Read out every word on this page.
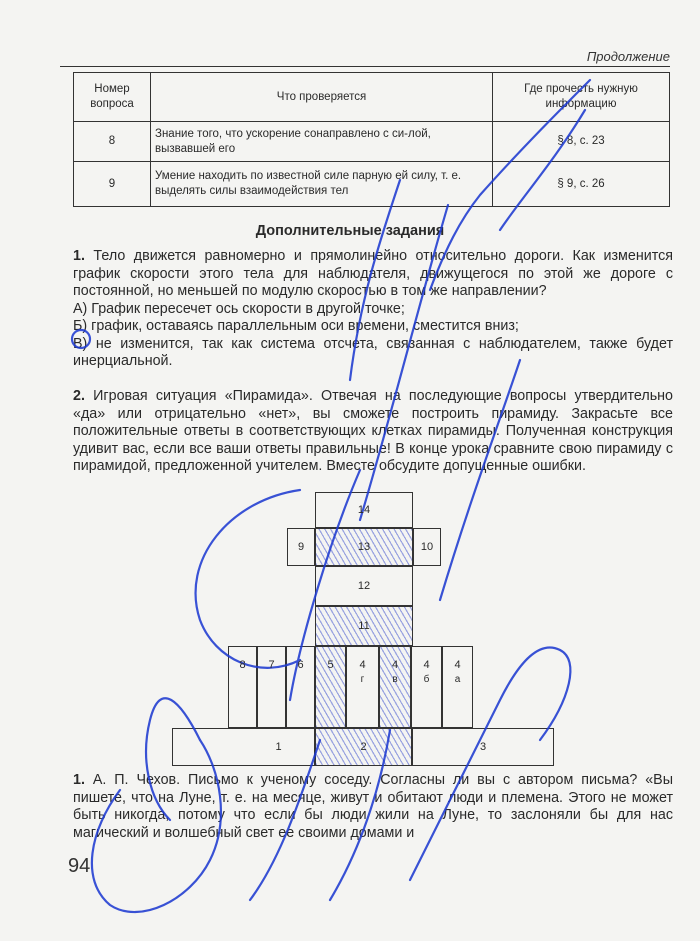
Продолжение
Номер вопроса	Что проверяется	Где прочесть нужную информацию
8	Знание того, что ускорение сонаправлено с си-лой, вызвавшей его	§ 8, с. 23
9	Умение находить по известной силе парную ей силу, т. е. выделять силы взаимодействия тел	§ 9, с. 26
Дополнительные задания

1. Тело движется равномерно и прямолинейно относительно дороги. Как изменится график скорости этого тела для наблюдателя, движущегося по этой же дороге с постоянной, но меньшей по модулю скоростью в том же направлении?

А) График пересечет ось скорости в другой точке;

Б) график, оставаясь параллельным оси времени, сместится вниз;

В) не изменится, так как система отсчета, связанная с наблюдателем, также будет инерциальной.

2. Игровая ситуация «Пирамида». Отвечая на последующие вопросы утвердительно «да» или отрицательно «нет», вы сможете построить пирамиду. Закрасьте все положительные ответы в соответствующих клетках пирамиды. Полученная конструкция удивит вас, если все ваши ответы правильные! В конце урока сравните свою пирамиду с пирамидой, предложенной учителем. Вместе обсудите допущенные ошибки.

14
9	13	10
12
11
8 7 6 5 4
г
4
в
4
б
4
а
1	2	3

1. А. П. Чехов. Письмо к ученому соседу. Согласны ли вы с автором письма? «Вы пишете, что на Луне, т. е. на месяце, живут и обитают люди и племена. Этого не может быть никогда, потому что если бы люди жили на Луне, то заслоняли бы для нас магический и волшебный свет ее своими домами и

94
